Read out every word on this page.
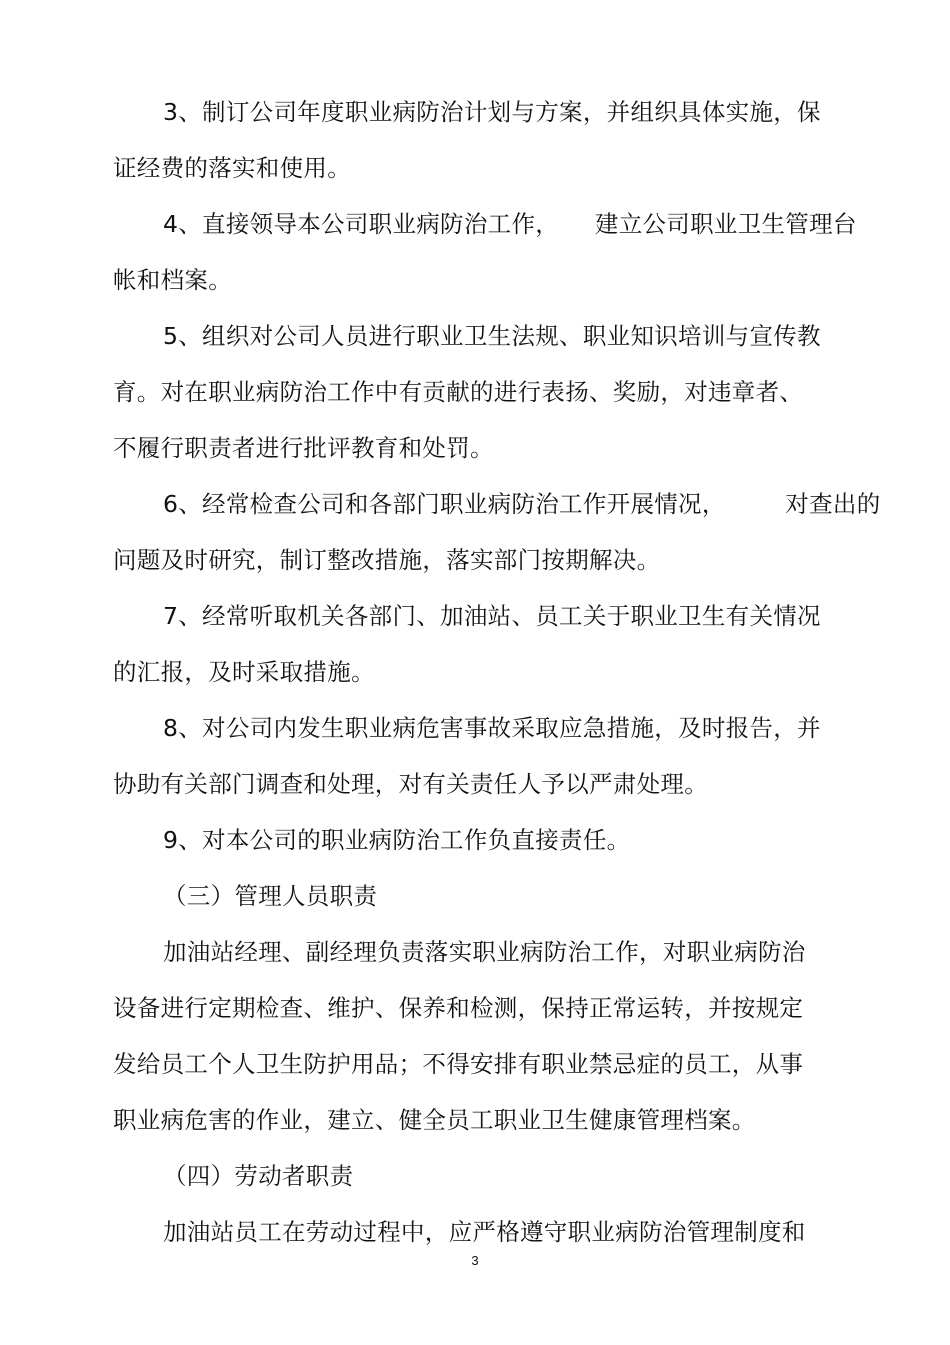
3、制订公司年度职业病防治计划与方案，并组织具体实施，保
证经费的落实和使用。
4、直接领导本公司职业病防治工作，　　建立公司职业卫生管理台
帐和档案。
5、组织对公司人员进行职业卫生法规、职业知识培训与宣传教
育。对在职业病防治工作中有贡献的进行表扬、奖励，对违章者、
不履行职责者进行批评教育和处罚。
6、经常检查公司和各部门职业病防治工作开展情况，　　　对查出的
问题及时研究，制订整改措施，落实部门按期解决。
7、经常听取机关各部门、加油站、员工关于职业卫生有关情况
的汇报，及时采取措施。
8、对公司内发生职业病危害事故采取应急措施，及时报告，并
协助有关部门调查和处理，对有关责任人予以严肃处理。
9、对本公司的职业病防治工作负直接责任。
（三）管理人员职责
加油站经理、副经理负责落实职业病防治工作，对职业病防治
设备进行定期检查、维护、保养和检测，保持正常运转，并按规定
发给员工个人卫生防护用品；不得安排有职业禁忌症的员工，从事
职业病危害的作业，建立、健全员工职业卫生健康管理档案。
（四）劳动者职责
加油站员工在劳动过程中，应严格遵守职业病防治管理制度和
3
